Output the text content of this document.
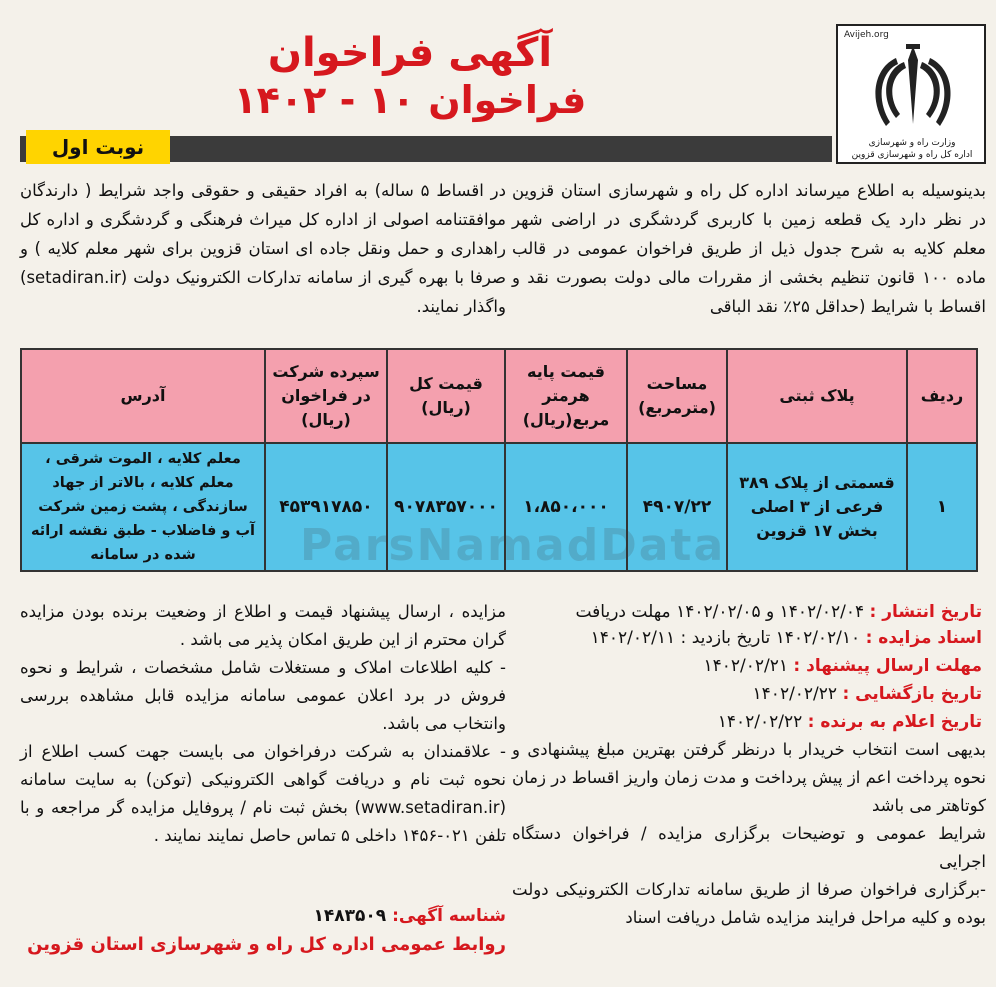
آگهی فراخوان
فراخوان ۱۰ - ۱۴۰۲
Avijeh.org
وزارت راه و شهرسازی
اداره کل راه و شهرسازی قزوین
نوبت اول

بدینوسیله به اطلاع میرساند اداره کل راه و شهرسازی استان قزوین در نظر دارد یک قطعه زمین با کاربری گردشگری در اراضی شهر معلم کلایه به شرح جدول ذیل از طریق فراخوان عمومی در قالب ماده ۱۰۰ قانون تنظیم بخشی از مقررات مالی دولت بصورت نقد و اقساط با شرایط (حداقل ۲۵٪ نقد الباقی

در اقساط ۵ ساله) به افراد حقیقی و حقوقی واجد شرایط ( دارندگان موافقتنامه اصولی از اداره کل میراث فرهنگی و گردشگری و اداره کل راهداری و حمل ونقل جاده ای استان قزوین برای شهر معلم کلایه ) و صرفا با بهره گیری از سامانه تدارکات الکترونیک دولت (setadiran.ir) واگذار نمایند.

ردیف	پلاک ثبتی	مساحت (مترمربع)	قیمت پایه هرمتر مربع(ریال)	قیمت کل (ریال)	سپرده شرکت در فراخوان (ریال)	آدرس
۱	قسمتی از پلاک ۳۸۹ فرعی از ۳ اصلی بخش ۱۷ قزوین	۴۹۰۷/۲۲	۱،۸۵۰،۰۰۰	۹۰۷۸۳۵۷۰۰۰	۴۵۳۹۱۷۸۵۰	معلم کلایه ، الموت شرقی ، معلم کلایه ، بالاتر از جهاد سازندگی ، پشت زمین شرکت آب و فاضلاب - طبق نقشه ارائه شده در سامانه
تاریخ انتشار : ۱۴۰۲/۰۲/۰۴ و ۱۴۰۲/۰۲/۰۵ مهلت دریافت
اسناد مزایده : ۱۴۰۲/۰۲/۱۰ تاریخ بازدید : ۱۴۰۲/۰۲/۱۱
مهلت ارسال پیشنهاد : ۱۴۰۲/۰۲/۲۱
تاریخ بازگشایی : ۱۴۰۲/۰۲/۲۲
تاریخ اعلام به برنده : ۱۴۰۲/۰۲/۲۲

بدیهی است انتخاب خریدار با درنظر گرفتن بهترین مبلغ پیشنهادی و نحوه پرداخت اعم از پیش پرداخت و مدت زمان واریز اقساط در زمان کوتاهتر می باشد

شرایط عمومی و توضیحات برگزاری مزایده / فراخوان دستگاه اجرایی

-برگزاری فراخوان صرفا از طریق سامانه تدارکات الکترونیکی دولت بوده و کلیه مراحل فرایند مزایده شامل دریافت اسناد

مزایده ، ارسال پیشنهاد قیمت و اطلاع از وضعیت برنده بودن مزایده گران محترم از این طریق امکان پذیر می باشد .

- کلیه اطلاعات املاک و مستغلات شامل مشخصات ، شرایط و نحوه فروش در برد اعلان عمومی سامانه مزایده قابل مشاهده بررسی وانتخاب می باشد.

- علاقمندان به شرکت درفراخوان می بایست جهت کسب اطلاع از نحوه ثبت نام و دریافت گواهی الکترونیکی (توکن) به سایت سامانه (www.setadiran.ir) بخش ثبت نام / پروفایل مزایده گر مراجعه و با تلفن ۰۲۱-۱۴۵۶ داخلی ۵ تماس حاصل نمایند نمایند .

شناسه آگهی: ۱۴۸۳۵۰۹
روابط عمومی اداره کل راه و شهرسازی استان قزوین
